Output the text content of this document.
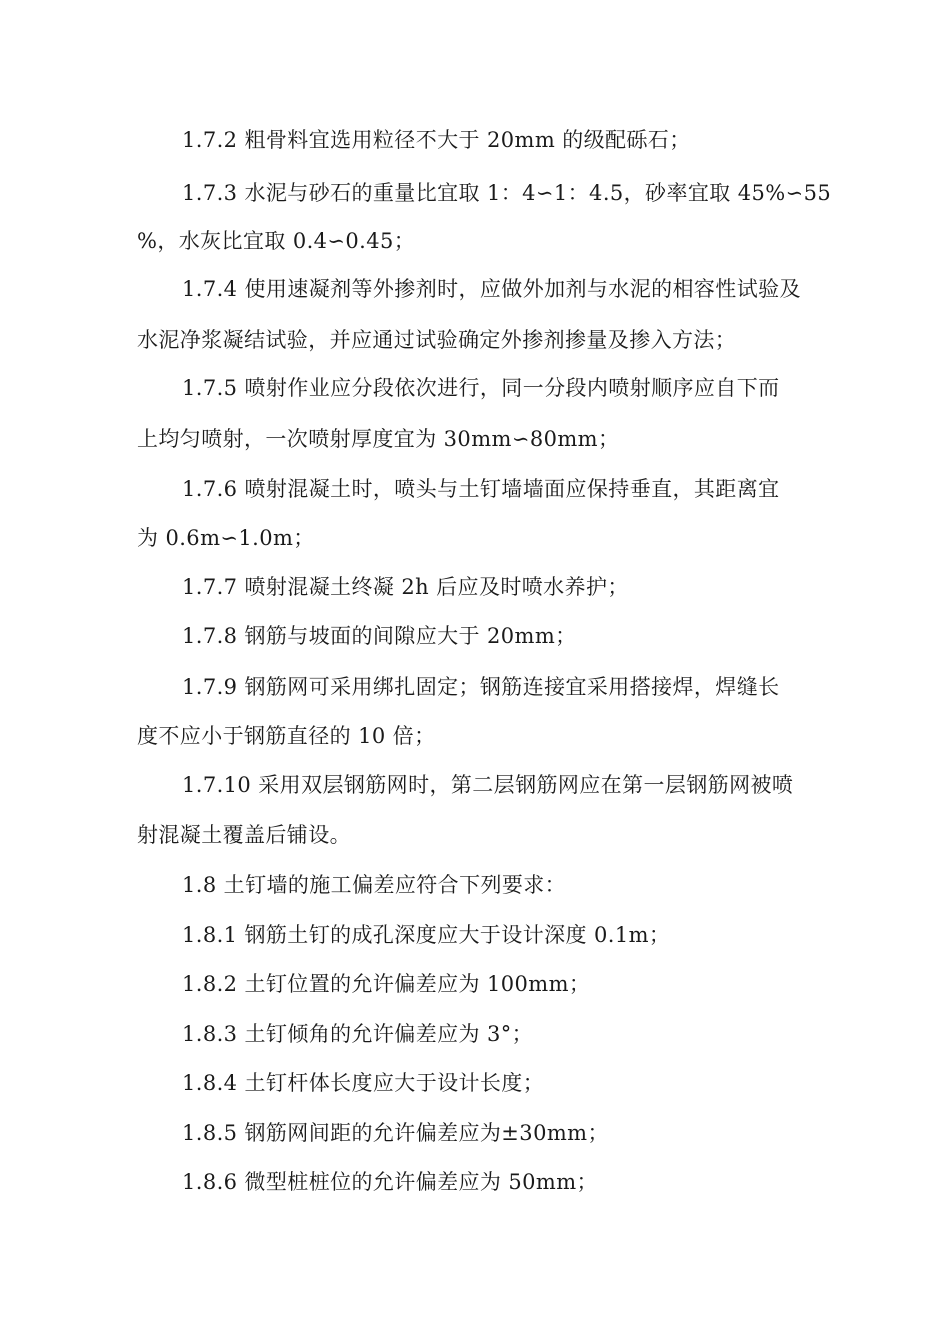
1.7.2 粗骨料宜选用粒径不大于 20mm 的级配砾石；
1.7.3 水泥与砂石的重量比宜取 1：4∽1：4.5，砂率宜取 45%∽55
%，水灰比宜取 0.4∽0.45；
1.7.4 使用速凝剂等外掺剂时，应做外加剂与水泥的相容性试验及
水泥净浆凝结试验，并应通过试验确定外掺剂掺量及掺入方法；
1.7.5 喷射作业应分段依次进行，同一分段内喷射顺序应自下而
上均匀喷射，一次喷射厚度宜为 30mm∽80mm；
1.7.6 喷射混凝土时，喷头与土钉墙墙面应保持垂直，其距离宜
为 0.6m∽1.0m；
1.7.7 喷射混凝土终凝 2h 后应及时喷水养护；
1.7.8 钢筋与坡面的间隙应大于 20mm；
1.7.9 钢筋网可采用绑扎固定；钢筋连接宜采用搭接焊，焊缝长
度不应小于钢筋直径的 10 倍；
1.7.10 采用双层钢筋网时，第二层钢筋网应在第一层钢筋网被喷
射混凝土覆盖后铺设。
1.8 土钉墙的施工偏差应符合下列要求：
1.8.1 钢筋土钉的成孔深度应大于设计深度 0.1m；
1.8.2 土钉位置的允许偏差应为 100mm；
1.8.3 土钉倾角的允许偏差应为 3°；
1.8.4 土钉杆体长度应大于设计长度；
1.8.5 钢筋网间距的允许偏差应为±30mm；
1.8.6 微型桩桩位的允许偏差应为 50mm；
